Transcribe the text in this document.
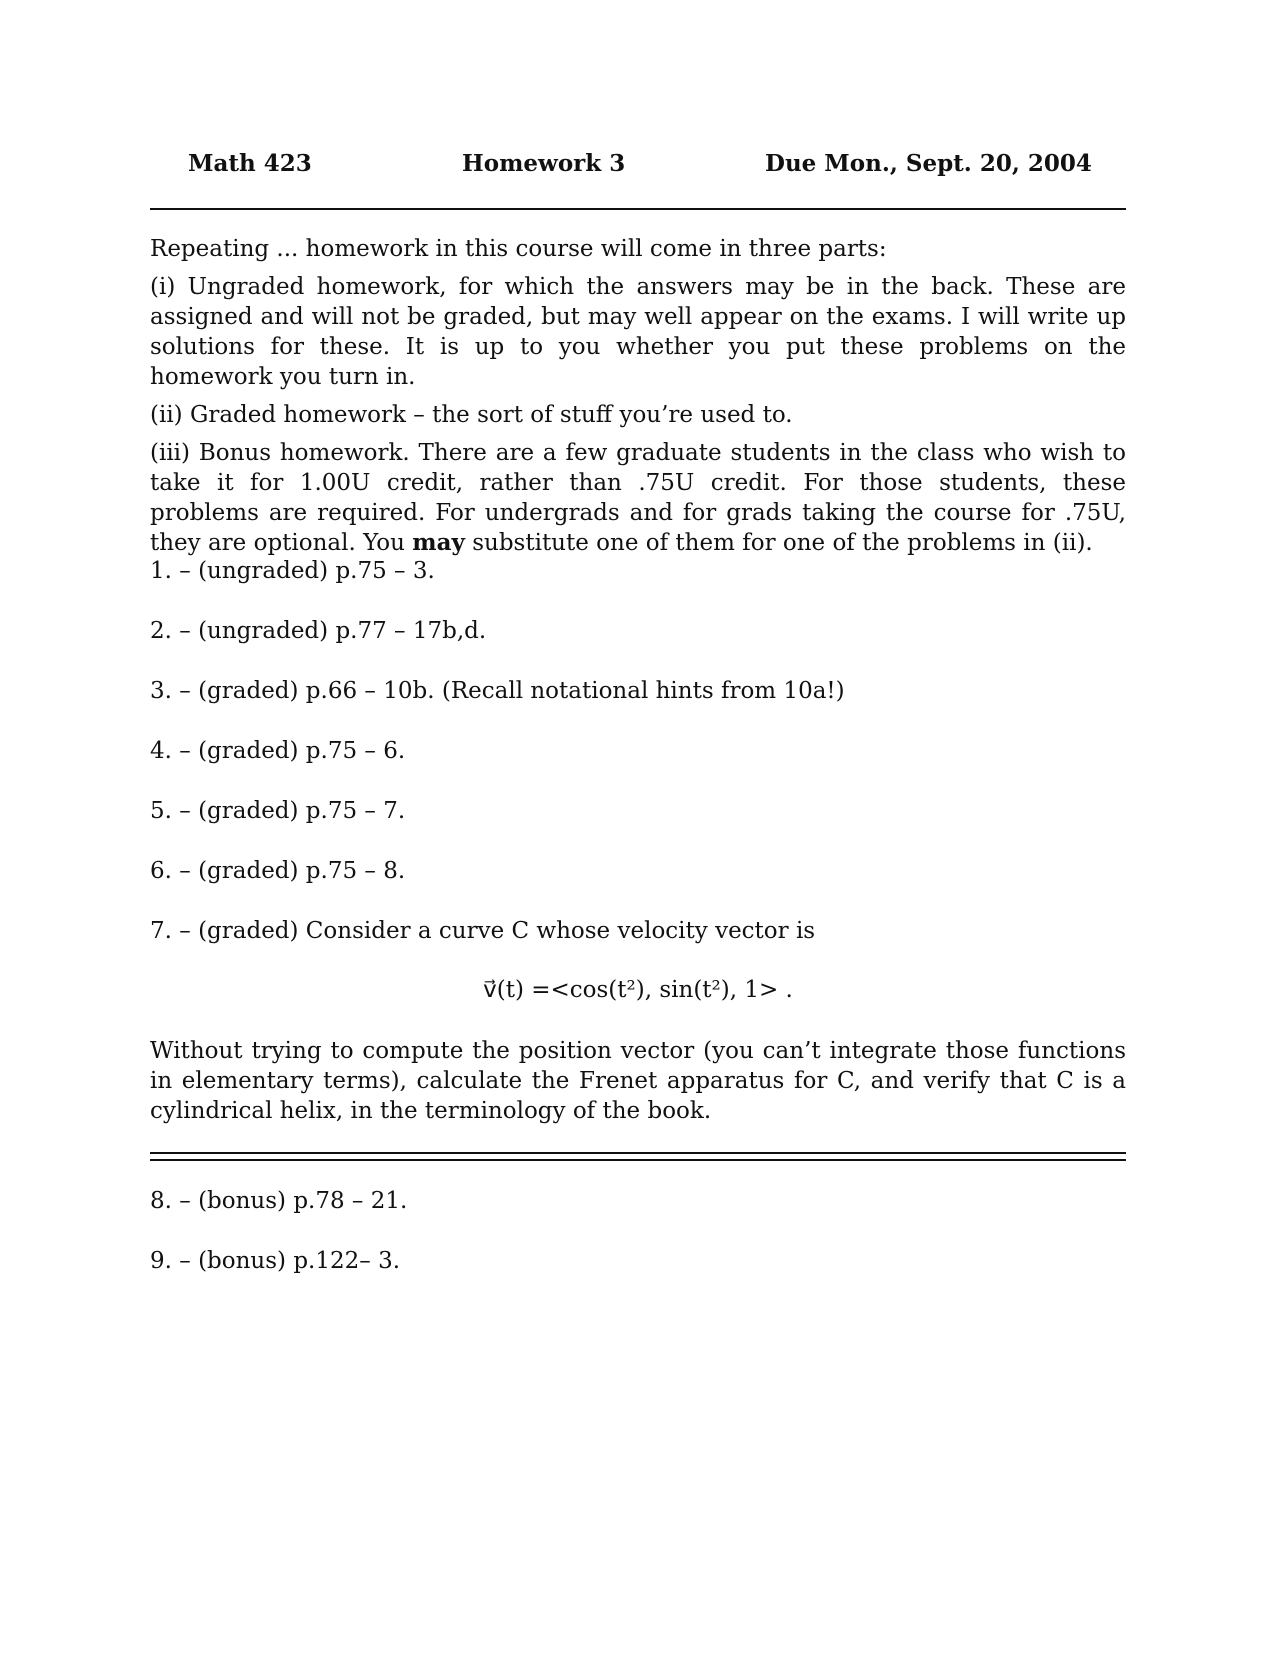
Math 423	Homework 3	Due Mon., Sept. 20, 2004

Repeating ... homework in this course will come in three parts:

(i) Ungraded homework, for which the answers may be in the back. These are assigned and will not be graded, but may well appear on the exams. I will write up solutions for these. It is up to you whether you put these problems on the homework you turn in.

(ii) Graded homework – the sort of stuff you’re used to.

(iii) Bonus homework. There are a few graduate students in the class who wish to take it for 1.00U credit, rather than .75U credit. For those students, these problems are required. For undergrads and for grads taking the course for .75U, they are optional. You may substitute one of them for one of the problems in (ii).

1. – (ungraded) p.75 – 3.
2. – (ungraded) p.77 – 17b,d.
3. – (graded) p.66 – 10b. (Recall notational hints from 10a!)
4. – (graded) p.75 – 6.
5. – (graded) p.75 – 7.
6. – (graded) p.75 – 8.
7. – (graded) Consider a curve C whose velocity vector is
v⃗(t) =<cos(t²), sin(t²), 1> .

Without trying to compute the position vector (you can’t integrate those functions in elementary terms), calculate the Frenet apparatus for C, and verify that C is a cylindrical helix, in the terminology of the book.

8. – (bonus) p.78 – 21.
9. – (bonus) p.122– 3.
